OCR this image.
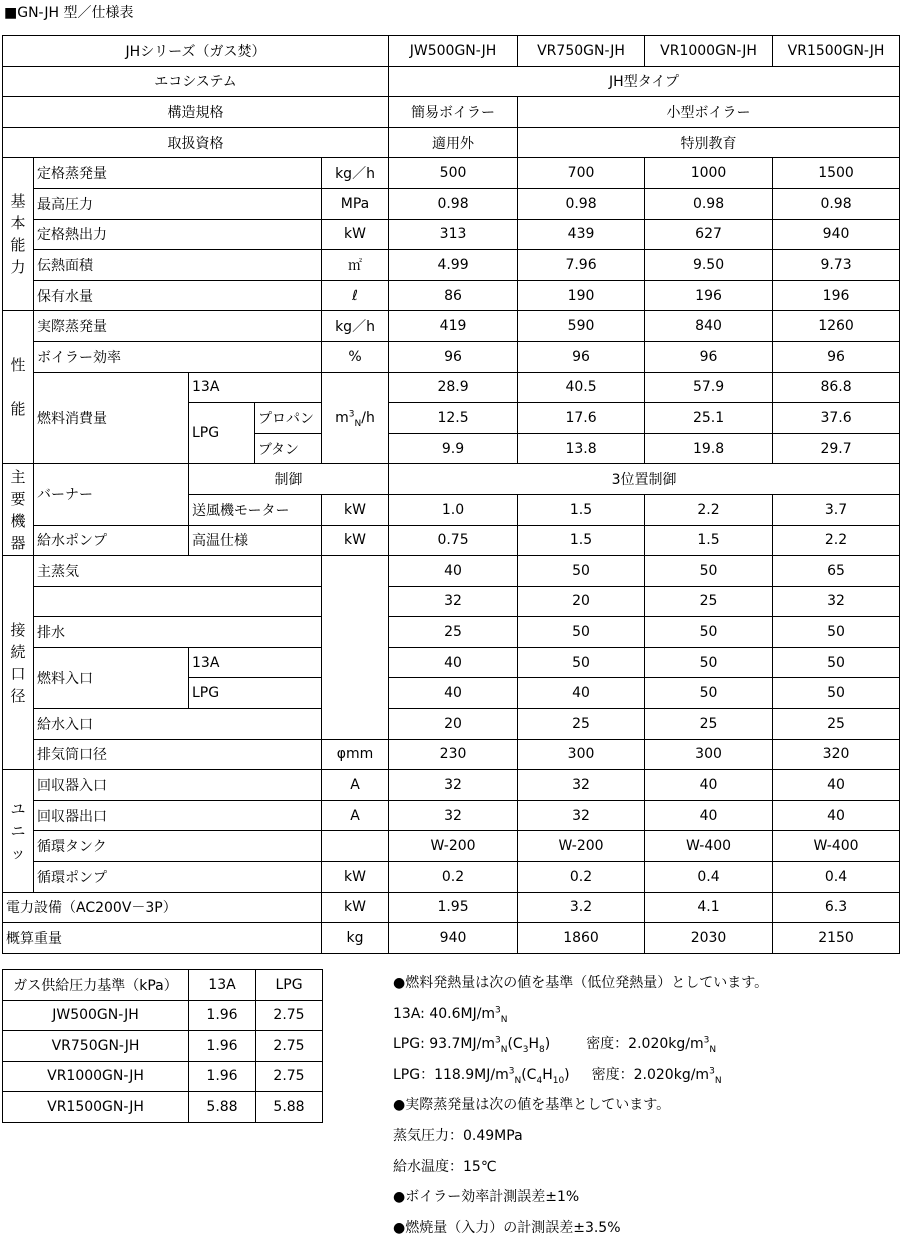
■GN-JH 型／仕様表
JHシリーズ（ガス焚）					JW500GN-JH	VR750GN-JH	VR1000GN-JH	VR1500GN-JH
エコシステム					JH型タイプ			
構造規格					簡易ボイラー	小型ボイラー		
取扱資格					適用外	特別教育		

基
本
能
力	定格蒸発量			kg／h	500	700	1000	1500
	最高圧力			MPa	0.98	0.98	0.98	0.98
	定格熱出力			kW	313	439	627	940
	伝熱面積			㎡	4.99	7.96	9.50	9.73
	保有水量			ℓ	86	190	196	196

性
能	実際蒸発量			kg／h	419	590	840	1260
	ボイラー効率			%	96	96	96	96
	燃料消費量	13A		$m^3_N/h$	28.9	40.5	57.9	86.8
		LPG	プロパン		12.5	17.6	25.1	37.6
			ブタン		9.9	13.8	19.8	29.7

主
要
機
器	バーナー	制御			3位置制御			
		送風機モーター		kW	1.0	1.5	2.2	3.7
	給水ポンプ	高温仕様		kW	0.75	1.5	1.5	2.2

接
続
口
径	主蒸気				40	50	50	65
					32	20	25	32
	排水				25	50	50	50
	燃料入口	13A			40	50	50	50
		LPG			40	40	50	50
	給水入口				20	25	25	25
	排気筒口径			φmm	230	300	300	320

ユ
ニ
ッ	回収器入口			A	32	32	40	40
	回収器出口			A	32	32	40	40
	循環タンク				W-200	W-200	W-400	W-400
	循環ポンプ			kW	0.2	0.2	0.4	0.4
電力設備（AC200V－3P）				kW	1.95	3.2	4.1	6.3
概算重量				kg	940	1860	2030	2150
ガス供給圧力基準（kPa）	13A	LPG
JW500GN-JH	1.96	2.75
VR750GN-JH	1.96	2.75
VR1000GN-JH	1.96	2.75
VR1500GN-JH	5.88	5.88
●燃料発熱量は次の値を基準（低位発熱量）としています。
13A: $40.6MJ/m^3_N$
LPG: $93.7MJ/m^3_N(C_3H_8)$	密度：$2.020kg/m^3_N$
LPG：$118.9MJ/m^3_N(C_4H_{10})$ 密度：$2.020kg/m^3_N$
●実際蒸発量は次の値を基準としています。
蒸気圧力：0.49MPa
給水温度：15℃
●ボイラー効率計測誤差±1%
●燃焼量（入力）の計測誤差±3.5%
